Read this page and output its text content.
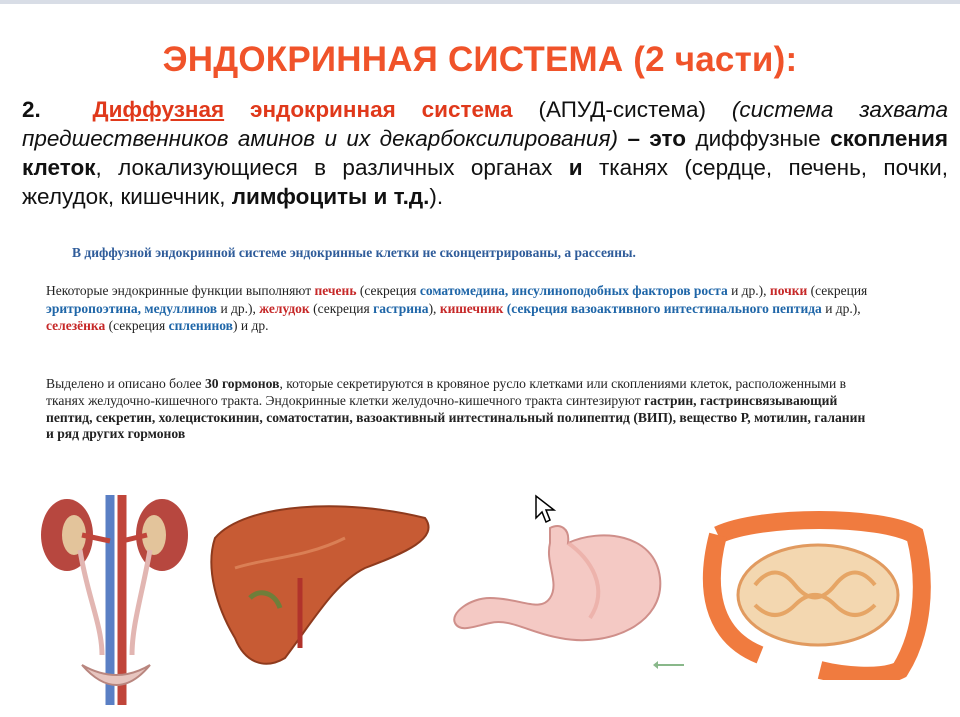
ЭНДОКРИННАЯ СИСТЕМА (2 части):
2. Диффузная эндокринная система (АПУД-система) (система захвата предшественников аминов и их декарбоксилирования) – это диффузные скопления клеток, локализующиеся в различных органах и тканях (сердце, печень, почки, желудок, кишечник, лимфоциты и т.д.).
В диффузной эндокринной системе эндокринные клетки не сконцентрированы, а рассеяны.
Некоторые эндокринные функции выполняют печень (секреция соматомедина, инсулиноподобных факторов роста и др.), почки (секреция эритропоэтина, медуллинов и др.), желудок (секреция гастрина), кишечник (секреция вазоактивного интестинального пептида и др.), селезёнка (секреция спленинов) и др.
Выделено и описано более 30 гормонов, которые секретируются в кровяное русло клетками или скоплениями клеток, расположенными в тканях желудочно-кишечного тракта. Эндокринные клетки желудочно-кишечного тракта синтезируют гастрин, гастринсвязывающий пептид, секретин, холецистокинин, соматостатин, вазоактивный интестинальный полипептид (ВИП), вещество Р, мотилин, галанин и ряд других гормонов
